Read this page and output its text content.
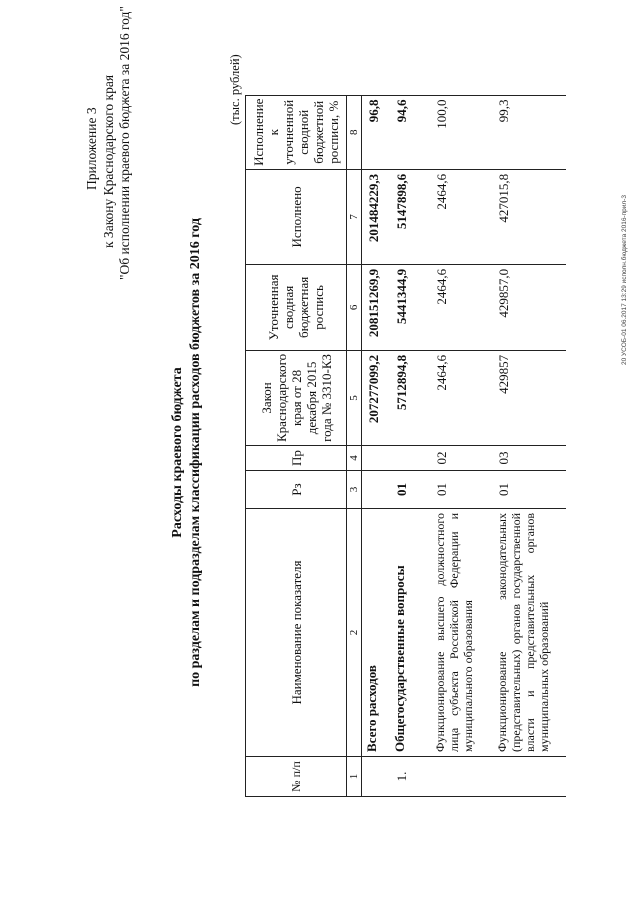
Приложение 3 к Закону Краснодарского края "Об исполнении краевого бюджета за 2016 год"
Расходы краевого бюджета по разделам и подразделам классификации расходов бюджетов за 2016 год
(тыс. рублей)
№ п/п	Наименование показателя	Рз	Пр	Закон Краснодарского края от 28 декабря 2015 года № 3310-КЗ	Уточненная сводная бюджетная роспись	Исполнено	Исполнение к уточненной сводной бюджетной росписи, %
1	2	3	4	5	6	7	8
	Всего расходов			207277099,2	208151269,9	201484229,3	96,8
1.	Общегосударственные вопросы	01		5712894,8	5441344,9	5147898,6	94,6
	Функционирование высшего должностного лица субъекта Российской Федерации и муниципального образования	01	02	2464,6	2464,6	2464,6	100,0
	Функционирование законодательных (представительных) органов государственной власти и представительных органов муниципальных образований	01	03	429857	429857,0	427015,8	99,3
20 УСОБ-01 06.2017 13:29 исполн.бюджета 2016-прил-3
